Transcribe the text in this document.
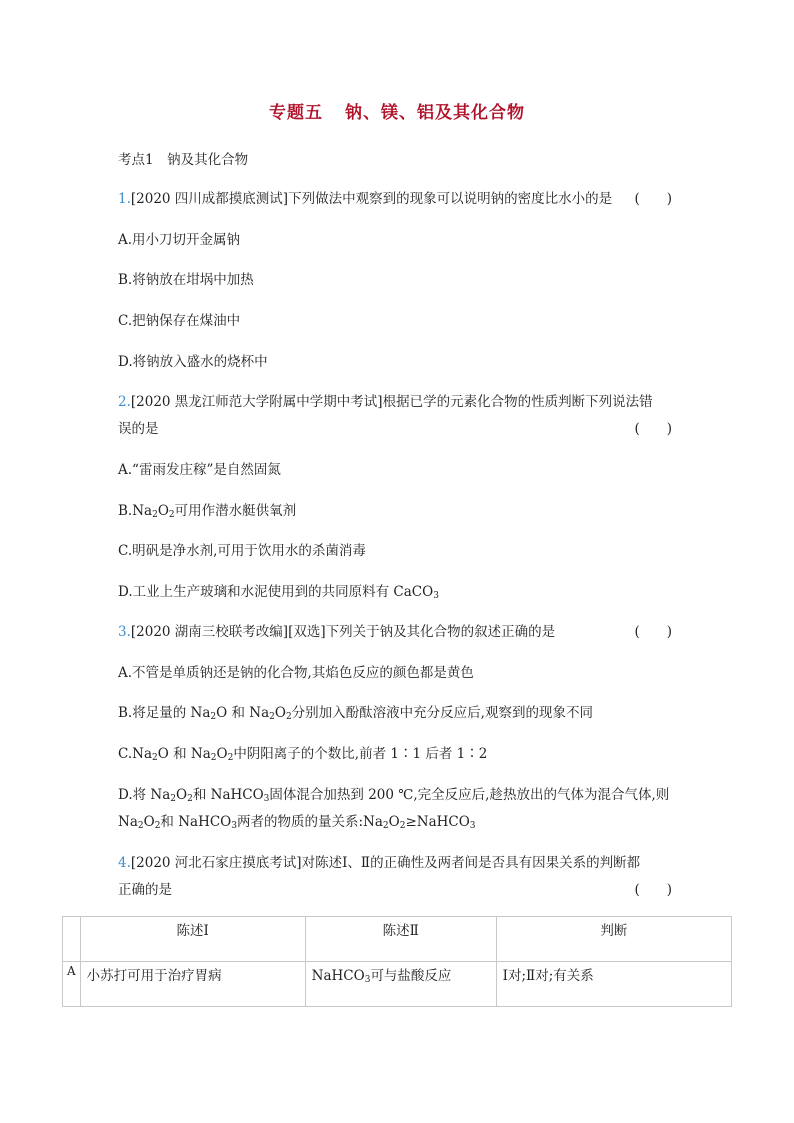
专题五 钠、镁、铝及其化合物
考点1　钠及其化合物
1.[2020 四川成都摸底测试]下列做法中观察到的现象可以说明钠的密度比水小的是 (　　)
A.用小刀切开金属钠
B.将钠放在坩埚中加热
C.把钠保存在煤油中
D.将钠放入盛水的烧杯中
2.[2020 黑龙江师范大学附属中学期中考试]根据已学的元素化合物的性质判断下列说法错
误的是	(　　)
A.“雷雨发庄稼”是自然固氮
$B.Na_2O_2$可用作潜水艇供氧剂
C.明矾是净水剂,可用于饮用水的杀菌消毒
D.工业上生产玻璃和水泥使用到的共同原料有 CaCO$_3$
3.[2020 湖南三校联考改编][双选]下列关于钠及其化合物的叙述正确的是	(　　)
A.不管是单质钠还是钠的化合物,其焰色反应的颜色都是黄色
B.将足量的 $Na_2O$ 和 $Na_2O_2$分别加入酚酞溶液中充分反应后,观察到的现象不同
$C.Na_2O$ 和 $Na_2O_2$中阴阳离子的个数比,前者 1∶1 后者 1∶2
D.将 $Na_2O_2$和 NaHCO$_3$固体混合加热到 200 ℃,完全反应后,趁热放出的气体为混合气体,则
$Na_2O_2$和 NaHCO$_3$两者的物质的量关系$:Na_2O_2\ge NaHCO_3$
4.[2020 河北石家庄摸底考试]对陈述Ⅰ、Ⅱ的正确性及两者间是否具有因果关系的判断都
正确的是	(　　)
	陈述Ⅰ	陈述Ⅱ	判断
A	小苏打可用于治疗胃病	NaHCO$_3$可与盐酸反应	Ⅰ对;Ⅱ对;有关系
